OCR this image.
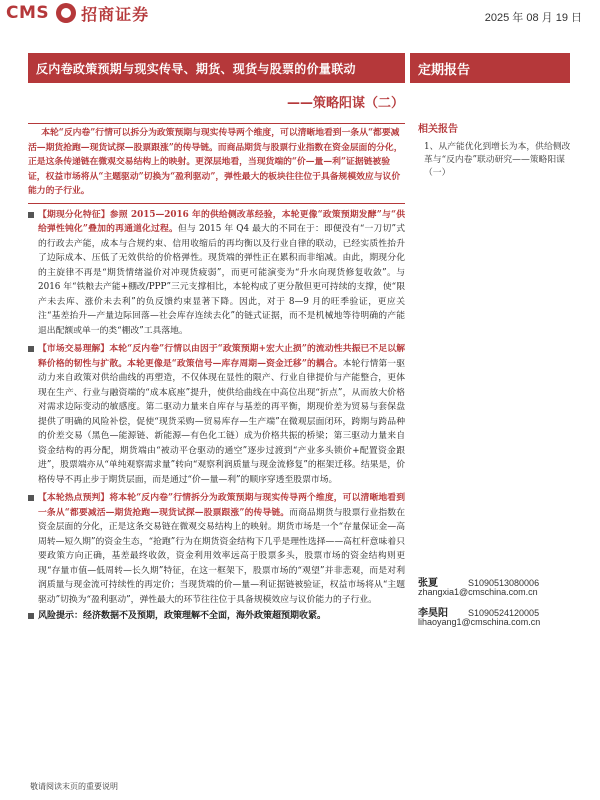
CMS 招商证券	2025 年 08 月 19 日
反内卷政策预期与现实传导、期货、现货与股票的价量联动	定期报告
——策略阳谋（二）

本轮“反内卷”行情可以拆分为政策预期与现实传导两个维度，可以清晰地看到一条从“都要减活—期货抢跑—现货试探—股票跟涨”的传导链。而商品期货与股票行业指数在资金层面的分化，正是这条传递链在微观交易结构上的映射。更深层地看，当现货端的“价—量—利”证据链被验证，权益市场将从“主题驱动”切换为“盈利驱动”，弹性最大的板块往往位于具备规模效应与议价能力的子行业。

【期现分化特征】参照 2015—2016 年的供给侧改革经验，本轮更像“政策预期发酵”与“供给弹性钝化”叠加的再通道化过程。但与 2015 年 Q4 最大的不同在于：即便没有“一刀切”式的行政去产能，成本与合规约束、信用收缩后的再均衡以及行业自律的联动，已经实质性抬升了边际成本、压低了无效供给的价格弹性。现货端的弹性正在累积而非缩减。由此，期现分化的主旋律不再是“期货情绪溢价对冲现货疲弱”，而更可能演变为“升水向现货修复收敛”。与 2016 年“铁粮去产能+棚改/PPP”三元支撑相比，本轮构成了更分散但更可持续的支撑，使“限产未去库、涨价未去利”的负反馈约束显著下降。因此，对于 8—9 月的旺季验证，更应关注“基差抬升—产量边际回落—社会库存连续去化”的链式证据，而不是机械地等待明确的产能退出配额或单一的类“棚改”工具落地。
【市场交易理解】本轮“反内卷”行情以由因于“政策预期+宏大止损”的流动性共振已不足以解释价格的韧性与扩散。本轮更像是“政策信号—库存周期—资金迁移”的耦合。本轮行情第一驱动力来自政策对供给曲线的再塑造，不仅体现在显性的限产、行业自律提价与产能整合，更体现在生产、行业与融资端的“成本底座”提升，使供给曲线在中高位出现“折点”，从而放大价格对需求边际变动的敏感度。第二驱动力量来自库存与基差的再平衡，期现价差为贸易与套保盘提供了明确的风险补偿，促使“现货采购—贸易库存—生产端”在微观层面闭环，跨期与跨品种的价差交易（黑色—能源链、新能源—有色化工链）成为价格共振的桥梁；第三驱动力量来自资金结构的再分配，期货端由“被动平仓驱动的通空”逐步过渡到“产业多头锁价+配置资金跟进”，股票端亦从“单纯观察需求量”转向“观察利润质量与现金流修复”的框架迁移。结果是，价格传导不再止步于期货层面，而是通过“价—量—利”的顺序穿透至股票市场。
【本轮热点预判】将本轮“反内卷”行情拆分为政策预期与现实传导两个维度，可以清晰地看到一条从“都要减活—期货抢跑—现货试探—股票跟涨”的传导链。而商品期货与股票行业指数在资金层面的分化，正是这条交易链在微观交易结构上的映射。期货市场是一个“存量保证金—高周转—短久期”的资金生态，“抢跑”行为在期货资金结构下几乎是理性选择——高杠杆意味着只要政策方向正确，基差最终收敛，资金利用效率远高于股票多头，股票市场的资金结构则更现“存量市值—低周转—长久期”特征，在这一框架下，股票市场的“观望”并非悲观，而是对利润质量与现金流可持续性的再定价；当现货端的价—量—利证据链被验证，权益市场将从“主题驱动”切换为“盈利驱动”，弹性最大的环节往往位于具备规模效应与议价能力的子行业。
风险提示：经济数据不及预期，政策理解不全面，海外政策超预期收紧。
相关报告
1、从产能优化到增长为本，供给侧改革与“反内卷”联动研究——策略阳谋（一）
张夏	S1090513080006
zhangxia1@cmschina.com.cn
李昊阳	S1090524120005
lihaoyang1@cmschina.com.cn
敬请阅读末页的重要说明
